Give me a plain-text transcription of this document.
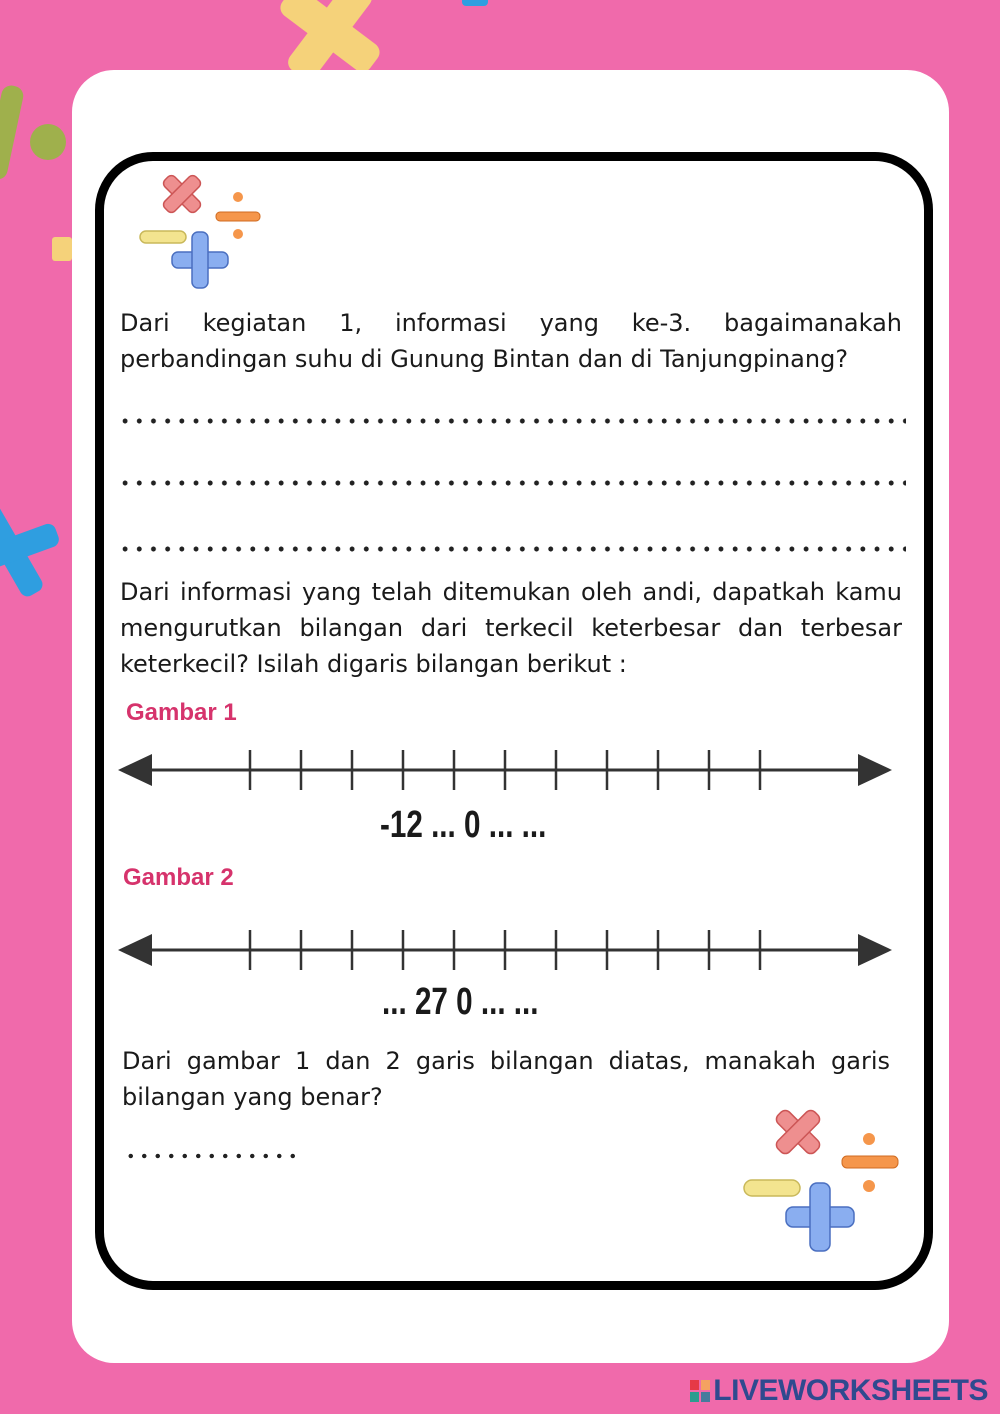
Dari kegiatan 1, informasi yang ke-3. bagaimanakah perbandingan suhu di Gunung Bintan dan di Tanjungpinang?
Dari informasi yang telah ditemukan oleh andi, dapatkah kamu mengurutkan bilangan dari terkecil keterbesar dan terbesar keterkecil? Isilah digaris bilangan berikut :
Gambar 1
-12 ... 0 ... ...
Gambar 2
... 27 0 ... ...
Dari gambar 1 dan 2 garis bilangan diatas, manakah garis bilangan yang benar?
LIVEWORKSHEETS
